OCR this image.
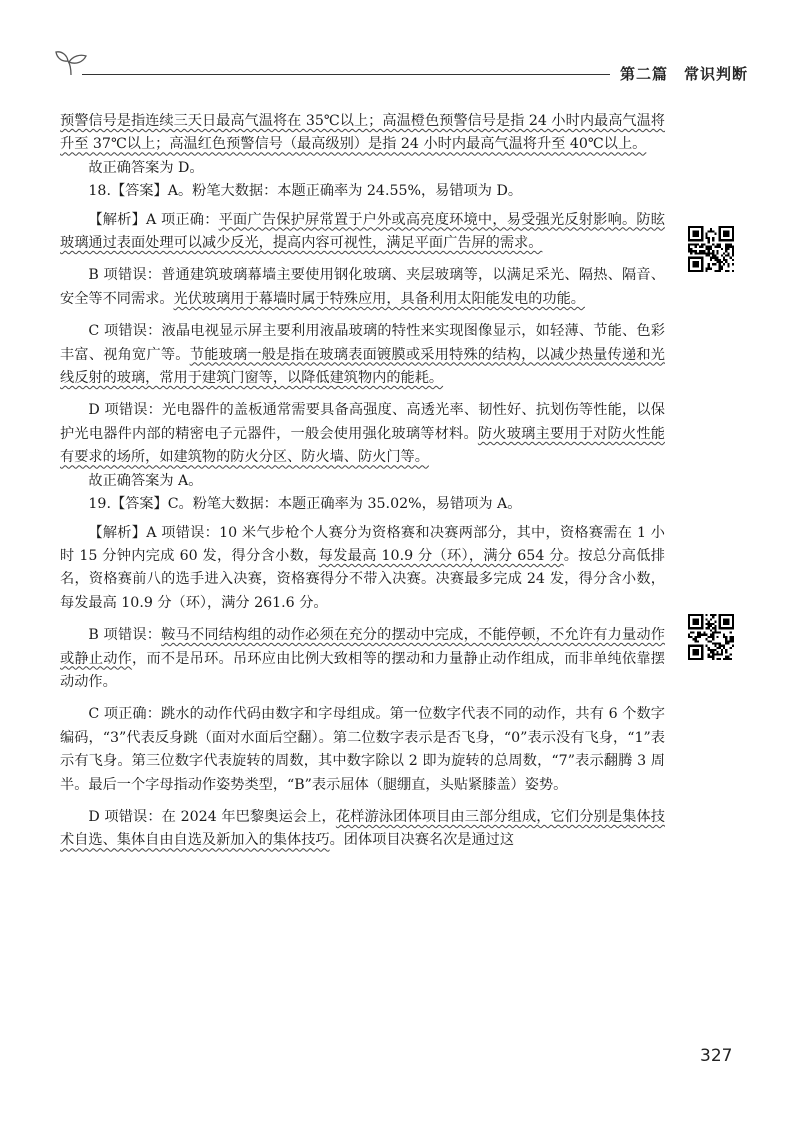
第二篇　常识判断

预警信号是指连续三天日最高气温将在 35℃以上；高温橙色预警信号是指 24 小时内最高气温将升至 37℃以上；高温红色预警信号（最高级别）是指 24 小时内最高气温将升至 40℃以上。

故正确答案为 D。

18.【答案】A。粉笔大数据：本题正确率为 24.55%，易错项为 D。

【解析】A 项正确：平面广告保护屏常置于户外或高亮度环境中，易受强光反射影响。防眩玻璃通过表面处理可以减少反光，提高内容可视性，满足平面广告屏的需求。

B 项错误：普通建筑玻璃幕墙主要使用钢化玻璃、夹层玻璃等，以满足采光、隔热、隔音、安全等不同需求。光伏玻璃用于幕墙时属于特殊应用，具备利用太阳能发电的功能。

C 项错误：液晶电视显示屏主要利用液晶玻璃的特性来实现图像显示，如轻薄、节能、色彩丰富、视角宽广等。节能玻璃一般是指在玻璃表面镀膜或采用特殊的结构，以减少热量传递和光线反射的玻璃，常用于建筑门窗等，以降低建筑物内的能耗。

D 项错误：光电器件的盖板通常需要具备高强度、高透光率、韧性好、抗划伤等性能，以保护光电器件内部的精密电子元器件，一般会使用强化玻璃等材料。防火玻璃主要用于对防火性能有要求的场所，如建筑物的防火分区、防火墙、防火门等。

故正确答案为 A。

19.【答案】C。粉笔大数据：本题正确率为 35.02%，易错项为 A。

【解析】A 项错误：10 米气步枪个人赛分为资格赛和决赛两部分，其中，资格赛需在 1 小时 15 分钟内完成 60 发，得分含小数，每发最高 10.9 分（环），满分 654 分。按总分高低排名，资格赛前八的选手进入决赛，资格赛得分不带入决赛。决赛最多完成 24 发，得分含小数，每发最高 10.9 分（环），满分 261.6 分。

B 项错误：鞍马不同结构组的动作必须在充分的摆动中完成，不能停顿，不允许有力量动作或静止动作，而不是吊环。吊环应由比例大致相等的摆动和力量静止动作组成，而非单纯依靠摆动动作。

C 项正确：跳水的动作代码由数字和字母组成。第一位数字代表不同的动作，共有 6 个数字编码，“3”代表反身跳（面对水面后空翻）。第二位数字表示是否飞身，“0”表示没有飞身，“1”表示有飞身。第三位数字代表旋转的周数，其中数字除以 2 即为旋转的总周数，“7”表示翻腾 3 周半。最后一个字母指动作姿势类型，“B”表示屈体（腿绷直，头贴紧膝盖）姿势。

D 项错误：在 2024 年巴黎奥运会上，花样游泳团体项目由三部分组成，它们分别是集体技术自选、集体自由自选及新加入的集体技巧。团体项目决赛名次是通过这

327
